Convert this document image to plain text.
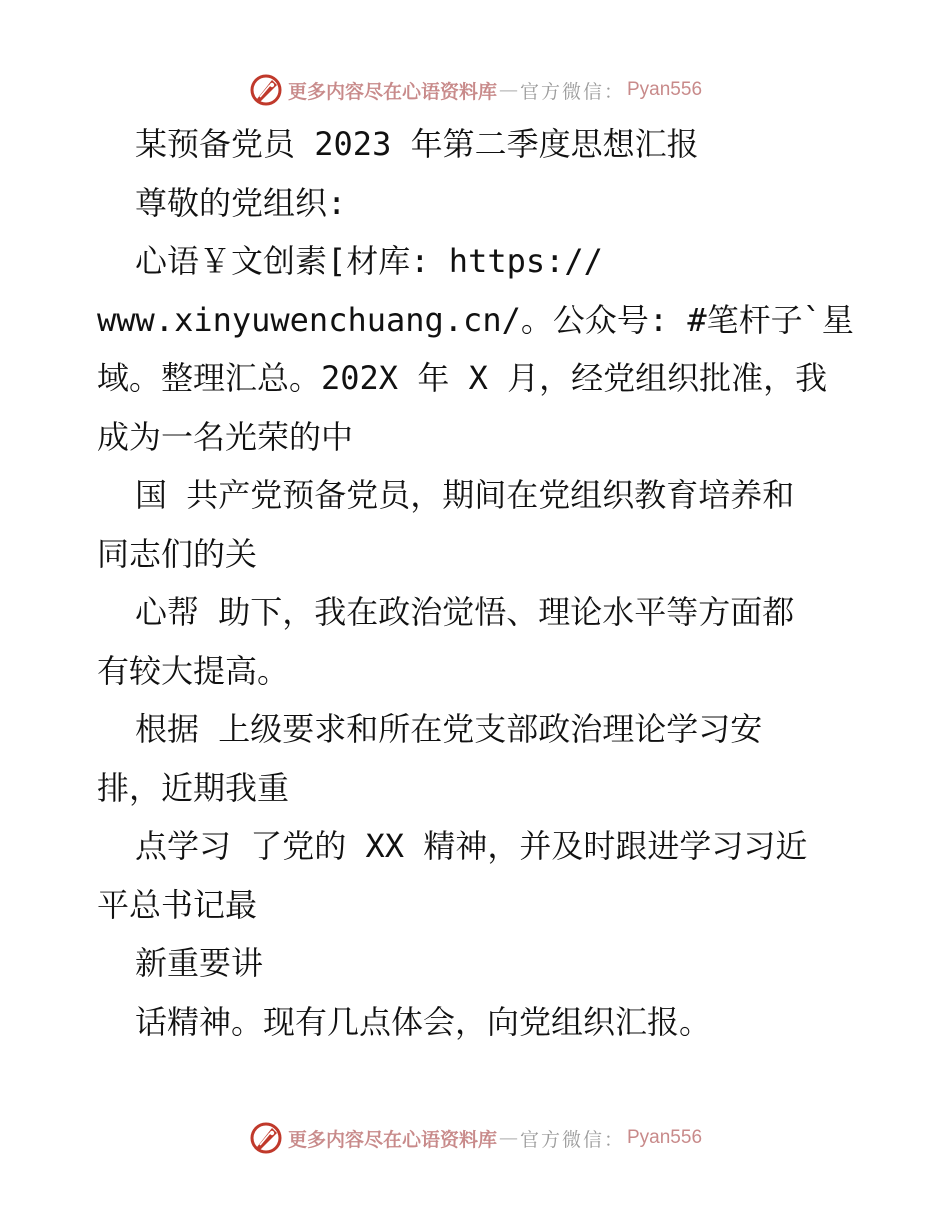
更多内容尽在心语资料库 — 官方微信： Pyan556
某预备党员 2023 年第二季度思想汇报
尊敬的党组织:
心语￥文创素[材库: https://
www.xinyuwenchuang.cn/。公众号: #笔杆子`星
域。整理汇总。202X 年 X 月，经党组织批准，我
成为一名光荣的中
国 共产党预备党员，期间在党组织教育培养和
同志们的关
心帮 助下，我在政治觉悟、理论水平等方面都
有较大提高。
根据 上级要求和所在党支部政治理论学习安
排，近期我重
点学习 了党的 XX 精神，并及时跟进学习习近
平总书记最
新重要讲
话精神。现有几点体会，向党组织汇报。
更多内容尽在心语资料库 — 官方微信： Pyan556
